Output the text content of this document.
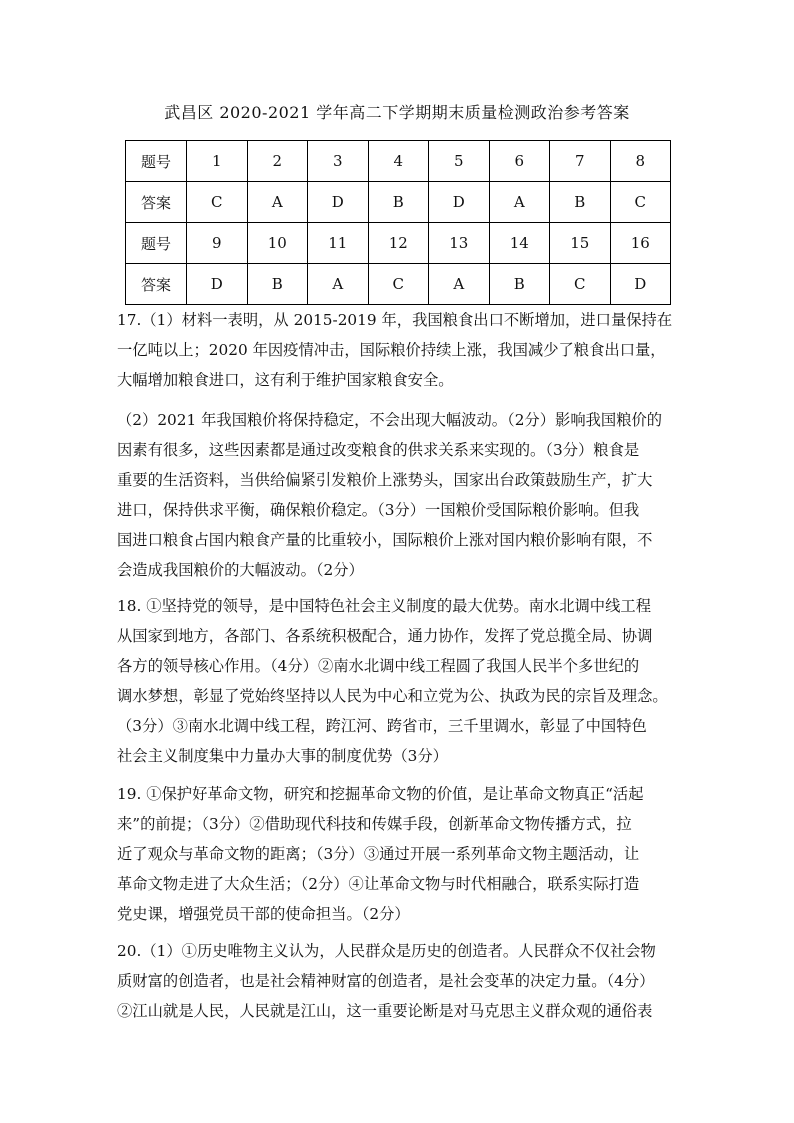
武昌区 2020-2021 学年高二下学期期末质量检测政治参考答案
题号	1	2	3	4	5	6	7	8
答案	C	A	D	B	D	A	B	C
题号	9	10	11	12	13	14	15	16
答案	D	B	A	C	A	B	C	D
17.（1）材料一表明，从 2015-2019 年，我国粮食出口不断增加，进口量保持在
一亿吨以上；2020 年因疫情冲击，国际粮价持续上涨，我国减少了粮食出口量，
大幅增加粮食进口，这有利于维护国家粮食安全。
（2）2021 年我国粮价将保持稳定，不会出现大幅波动。（2分）影响我国粮价的
因素有很多，这些因素都是通过改变粮食的供求关系来实现的。（3分）粮食是
重要的生活资料，当供给偏紧引发粮价上涨势头，国家出台政策鼓励生产，扩大
进口，保持供求平衡，确保粮价稳定。（3分）一国粮价受国际粮价影响。但我
国进口粮食占国内粮食产量的比重较小，国际粮价上涨对国内粮价影响有限，不
会造成我国粮价的大幅波动。（2分）
18. ①坚持党的领导，是中国特色社会主义制度的最大优势。南水北调中线工程
从国家到地方，各部门、各系统积极配合，通力协作，发挥了党总揽全局、协调
各方的领导核心作用。（4分）②南水北调中线工程圆了我国人民半个多世纪的
调水梦想，彰显了党始终坚持以人民为中心和立党为公、执政为民的宗旨及理念。
（3分）③南水北调中线工程，跨江河、跨省市，三千里调水，彰显了中国特色
社会主义制度集中力量办大事的制度优势（3分）
19. ①保护好革命文物，研究和挖掘革命文物的价值，是让革命文物真正“活起
来”的前提；（3分）②借助现代科技和传媒手段，创新革命文物传播方式，拉
近了观众与革命文物的距离；（3分）③通过开展一系列革命文物主题活动，让
革命文物走进了大众生活；（2分）④让革命文物与时代相融合，联系实际打造
党史课，增强党员干部的使命担当。（2分）
20.（1）①历史唯物主义认为，人民群众是历史的创造者。人民群众不仅社会物
质财富的创造者，也是社会精神财富的创造者，是社会变革的决定力量。（4分）
②江山就是人民，人民就是江山，这一重要论断是对马克思主义群众观的通俗表
